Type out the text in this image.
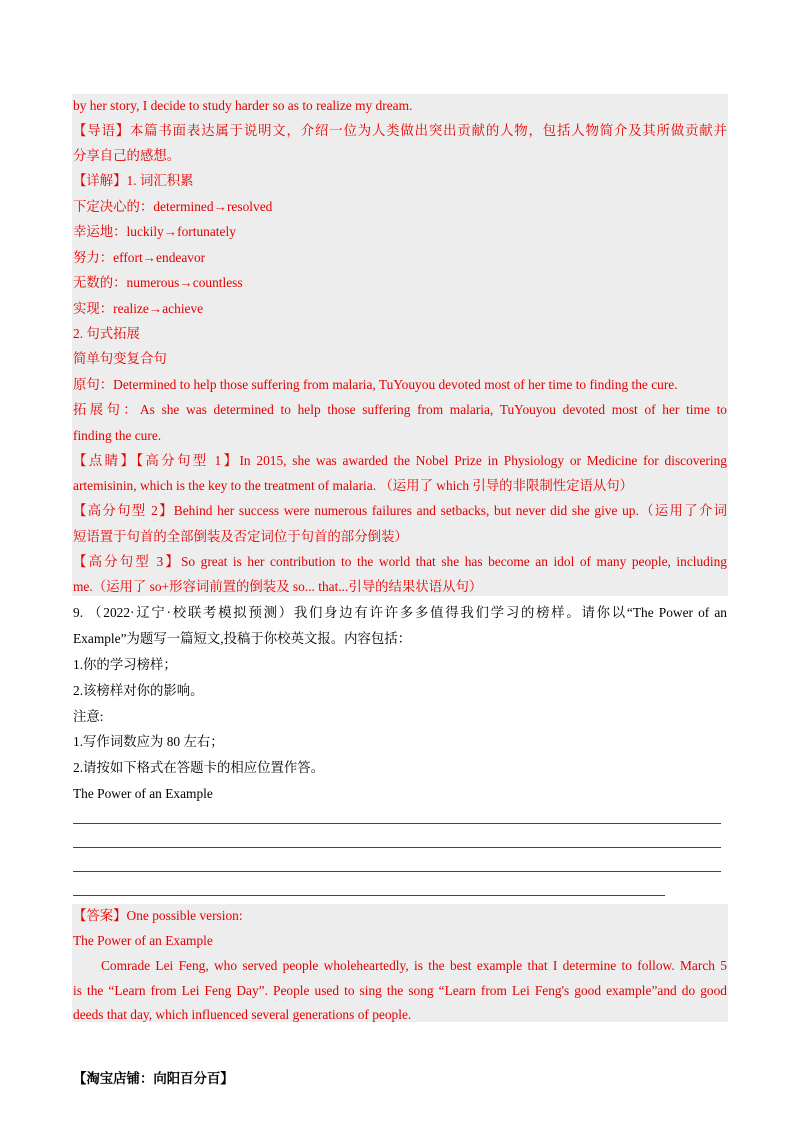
by her story, I decide to study harder so as to realize my dream.
【导语】本篇书面表达属于说明文，介绍一位为人类做出突出贡献的人物，包括人物简介及其所做贡献并
分享自己的感想。
【详解】1. 词汇积累
下定决心的：determined→resolved
幸运地：luckily→fortunately
努力：effort→endeavor
无数的：numerous→countless
实现：realize→achieve
2. 句式拓展
简单句变复合句
原句：Determined to help those suffering from malaria, TuYouyou devoted most of her time to finding the cure.
拓展句：As she was determined to help those suffering from malaria, TuYouyou devoted most of her time to
finding the cure.
【点睛】【高分句型 1】In 2015, she was awarded the Nobel Prize in Physiology or Medicine for discovering
artemisinin, which is the key to the treatment of malaria. （运用了 which 引导的非限制性定语从句）
【高分句型 2】Behind her success were numerous failures and setbacks, but never did she give up.（运用了介词
短语置于句首的全部倒装及否定词位于句首的部分倒装）
【高分句型 3】So great is her contribution to the world that she has become an idol of many people, including
me.（运用了 so+形容词前置的倒装及 so... that...引导的结果状语从句）
9. （2022·辽宁·校联考模拟预测）我们身边有许许多多值得我们学习的榜样。请你以“The Power of an
Example”为题写一篇短文,投稿于你校英文报。内容包括：
1.你的学习榜样；
2.该榜样对你的影响。
注意:
1.写作词数应为 80 左右；
2.请按如下格式在答题卡的相应位置作答。
The Power of an Example
【答案】One possible version:
The Power of an Example
Comrade Lei Feng, who served people wholeheartedly, is the best example that I determine to follow. March 5
is the “Learn from Lei Feng Day”. People used to sing the song “Learn from Lei Feng's good example”and do good
deeds that day, which influenced several generations of people.
【淘宝店铺：向阳百分百】
